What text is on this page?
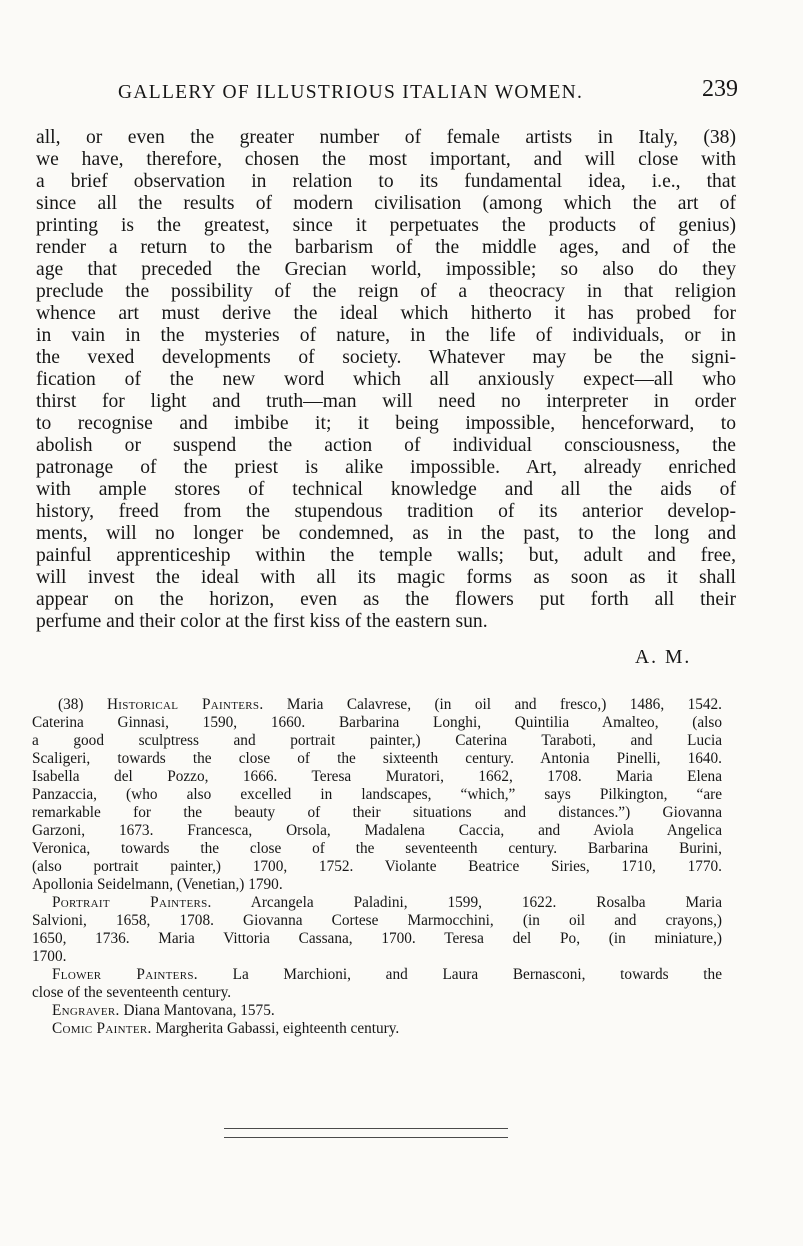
GALLERY OF ILLUSTRIOUS ITALIAN WOMEN.	239
all, or even the greater number of female artists in Italy, (38)
we have, therefore, chosen the most important, and will close with
a brief observation in relation to its fundamental idea, i.e., that
since all the results of modern civilisation (among which the art of
printing is the greatest, since it perpetuates the products of genius)
render a return to the barbarism of the middle ages, and of the
age that preceded the Grecian world, impossible; so also do they
preclude the possibility of the reign of a theocracy in that religion
whence art must derive the ideal which hitherto it has probed for
in vain in the mysteries of nature, in the life of individuals, or in
the vexed developments of society. Whatever may be the signi-
fication of the new word which all anxiously expect—all who
thirst for light and truth—man will need no interpreter in order
to recognise and imbibe it; it being impossible, henceforward, to
abolish or suspend the action of individual consciousness, the
patronage of the priest is alike impossible. Art, already enriched
with ample stores of technical knowledge and all the aids of
history, freed from the stupendous tradition of its anterior develop-
ments, will no longer be condemned, as in the past, to the long and
painful apprenticeship within the temple walls; but, adult and free,
will invest the ideal with all its magic forms as soon as it shall
appear on the horizon, even as the flowers put forth all their
perfume and their color at the first kiss of the eastern sun.
A. M.
(38) Historical Painters. Maria Calavrese, (in oil and fresco,) 1486, 1542.
Caterina Ginnasi, 1590, 1660. Barbarina Longhi, Quintilia Amalteo, (also
a good sculptress and portrait painter,) Caterina Taraboti, and Lucia
Scaligeri, towards the close of the sixteenth century. Antonia Pinelli, 1640.
Isabella del Pozzo, 1666. Teresa Muratori, 1662, 1708. Maria Elena
Panzaccia, (who also excelled in landscapes, “which,” says Pilkington, “are
remarkable for the beauty of their situations and distances.”) Giovanna
Garzoni, 1673. Francesca, Orsola, Madalena Caccia, and Aviola Angelica
Veronica, towards the close of the seventeenth century. Barbarina Burini,
(also portrait painter,) 1700, 1752. Violante Beatrice Siries, 1710, 1770.
Apollonia Seidelmann, (Venetian,) 1790.
Portrait Painters.	Arcangela Paladini, 1599, 1622. Rosalba Maria
Salvioni, 1658, 1708. Giovanna Cortese Marmocchini, (in oil and crayons,)
1650, 1736. Maria Vittoria Cassana, 1700. Teresa del Po, (in miniature,)
1700.
Flower Painters. La Marchioni, and Laura Bernasconi, towards the
close of the seventeenth century.
Engraver. Diana Mantovana, 1575.
Comic Painter. Margherita Gabassi, eighteenth century.
